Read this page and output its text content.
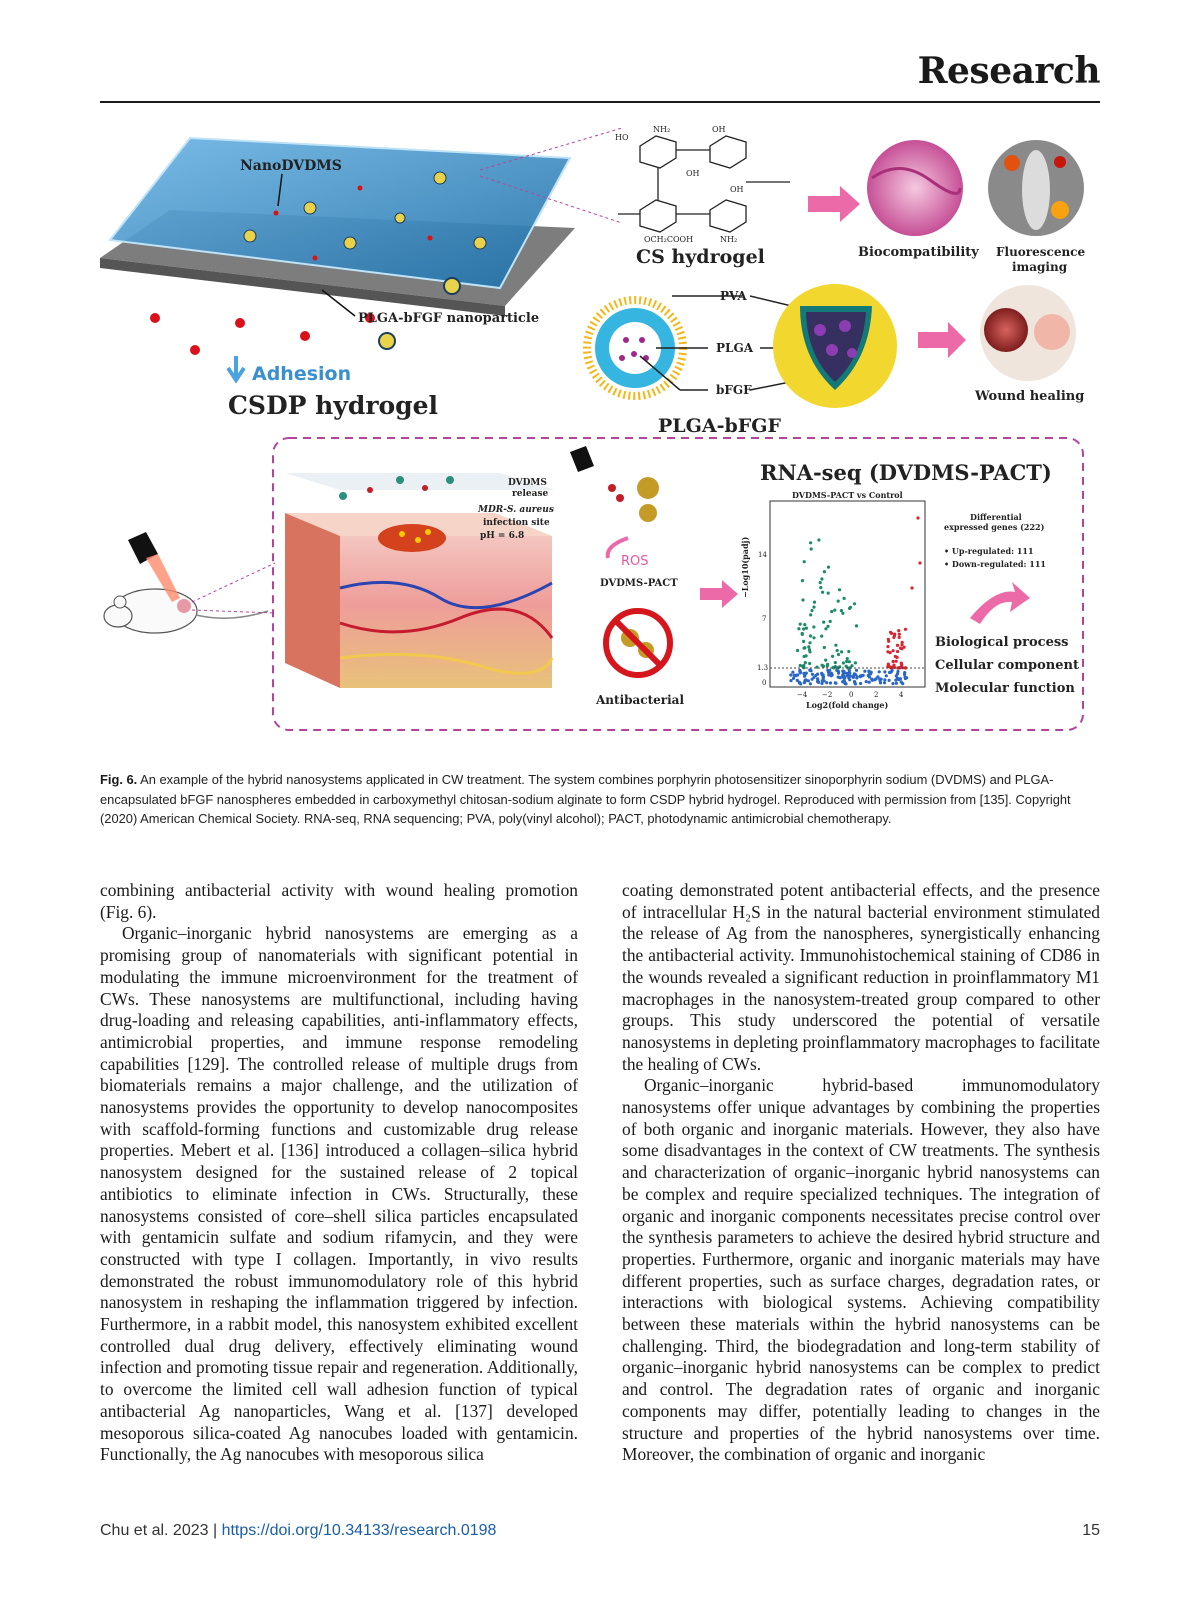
Research
NanoDVDMS
PLGA-bFGF nanoparticle
Adhesion
CSDP hydrogel
HO
NH₂	OH
OH
OH
OCH₂COOH	NH₂
CS hydrogel	Biocompatibility Fluorescence
imaging
PVA
PLGA
bFGF
PLGA-bFGF
Wound healing
DVDMS
release
MDR-S. aureus
infection site
pH = 6.8
ROS
DVDMS-PACT
Antibacterial
RNA-seq (DVDMS-PACT)
DVDMS-PACT vs Control
−Log10(padj)
Log2(fold change)
14
7
1.3
0
−4 −2 0	2	4
Differential
expressed genes (222)
• Up-regulated: 111
• Down-regulated: 111
Biological process
Cellular component
Molecular function
Fig. 6. An example of the hybrid nanosystems applicated in CW treatment. The system combines porphyrin photosensitizer sinoporphyrin sodium (DVDMS) and PLGA-encapsulated bFGF nanospheres embedded in carboxymethyl chitosan-sodium alginate to form CSDP hybrid hydrogel. Reproduced with permission from [135]. Copyright (2020) American Chemical Society. RNA-seq, RNA sequencing; PVA, poly(vinyl alcohol); PACT, photodynamic antimicrobial chemotherapy.

combining antibacterial activity with wound healing promotion (Fig. 6).

Organic–inorganic hybrid nanosystems are emerging as a promising group of nanomaterials with significant potential in modulating the immune microenvironment for the treatment of CWs. These nanosystems are multifunctional, including having drug-loading and releasing capabilities, anti-inflammatory effects, antimicrobial properties, and immune response remodeling capabilities [129]. The controlled release of multiple drugs from biomaterials remains a major challenge, and the utilization of nanosystems provides the opportunity to develop nanocomposites with scaffold-forming functions and customizable drug release properties. Mebert et al. [136] introduced a collagen–silica hybrid nanosystem designed for the sustained release of 2 topical antibiotics to eliminate infection in CWs. Structurally, these nanosystems consisted of core–shell silica particles encapsulated with gentamicin sulfate and sodium rifamycin, and they were constructed with type I collagen. Importantly, in vivo results demonstrated the robust immunomodulatory role of this hybrid nanosystem in reshaping the inflammation triggered by infection. Furthermore, in a rabbit model, this nanosystem exhibited excellent controlled dual drug delivery, effectively eliminating wound infection and promoting tissue repair and regeneration. Additionally, to overcome the limited cell wall adhesion function of typical antibacterial Ag nanoparticles, Wang et al. [137] developed mesoporous silica-coated Ag nanocubes loaded with gentamicin. Functionally, the Ag nanocubes with mesoporous silica

coating demonstrated potent antibacterial effects, and the presence of intracellular H₂S in the natural bacterial environment stimulated the release of Ag from the nanospheres, synergistically enhancing the antibacterial activity. Immunohistochemical staining of CD86 in the wounds revealed a significant reduction in proinflammatory M1 macrophages in the nanosystem-treated group compared to other groups. This study underscored the potential of versatile nanosystems in depleting proinflammatory macrophages to facilitate the healing of CWs.

Organic–inorganic hybrid-based immunomodulatory nanosystems offer unique advantages by combining the properties of both organic and inorganic materials. However, they also have some disadvantages in the context of CW treatments. The synthesis and characterization of organic–inorganic hybrid nanosystems can be complex and require specialized techniques. The integration of organic and inorganic components necessitates precise control over the synthesis parameters to achieve the desired hybrid structure and properties. Furthermore, organic and inorganic materials may have different properties, such as surface charges, degradation rates, or interactions with biological systems. Achieving compatibility between these materials within the hybrid nanosystems can be challenging. Third, the biodegradation and long-term stability of organic–inorganic hybrid nanosystems can be complex to predict and control. The degradation rates of organic and inorganic components may differ, potentially leading to changes in the structure and properties of the hybrid nanosystems over time. Moreover, the combination of organic and inorganic

Chu et al. 2023 | https://doi.org/10.34133/research.0198	15
